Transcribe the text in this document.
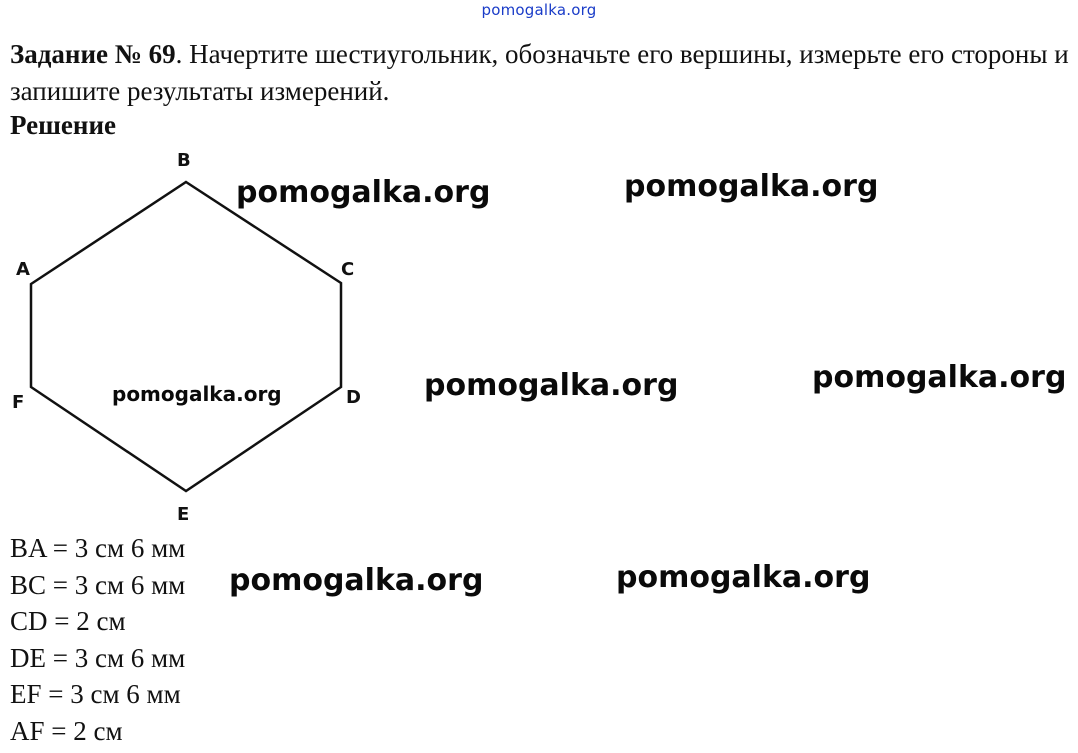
pomogalka.org
Задание № 69. Начертите шестиугольник, обозначьте его вершины, измерьте его стороны и запишите результаты измерений.
Решение
B
A	C
D
F
E
pomogalka.org	pomogalka.org
pomogalka.org	pomogalka.org	pomogalka.org
pomogalka.org	pomogalka.org
BA = 3 см 6 мм
BC = 3 см 6 мм
CD = 2 см
DE = 3 см 6 мм
EF = 3 см 6 мм
AF = 2 см
